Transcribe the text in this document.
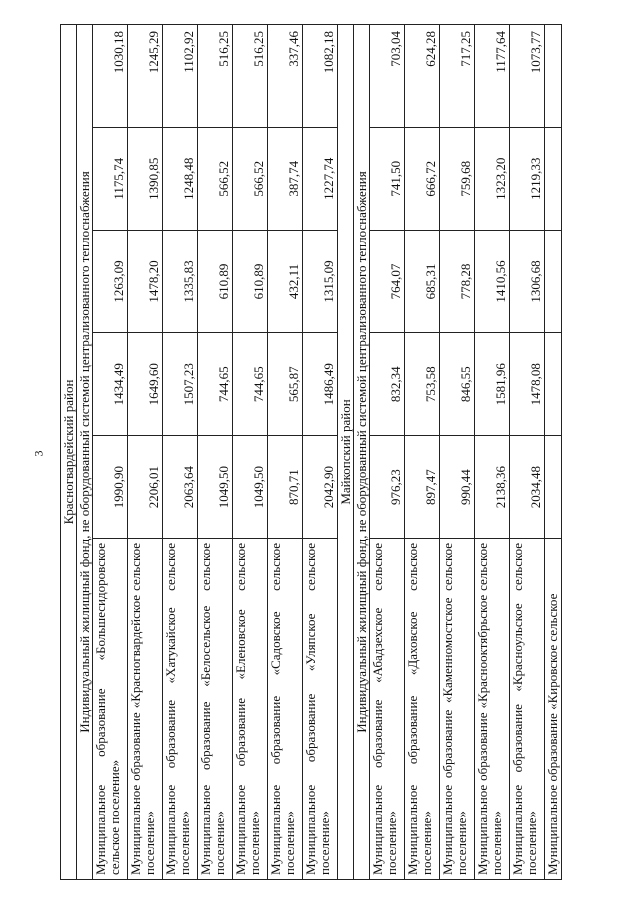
3 Красногвардейский район					
Индивидуальный жилищный фонд, не оборудованный системой централизованного теплоснабжения					
Муниципальное образование «Большесидоровское сельское поселение»	1990,90	1434,49	1263,09	1175,74	1030,18
Муниципальное образование «Красногвардейское сельское поселение»	2206,01	1649,60	1478,20	1390,85	1245,29
Муниципальное образование «Хатукайское сельское поселение»	2063,64	1507,23	1335,83	1248,48	1102,92
Муниципальное образование «Белосельское сельское поселение»	1049,50	744,65	610,89	566,52	516,25
Муниципальное образование «Еленовское сельское поселение»	1049,50	744,65	610,89	566,52	516,25
Муниципальное образование «Садовское сельское поселение»	870,71	565,87	432,11	387,74	337,46
Муниципальное образование «Уляпское сельское поселение»	2042,90	1486,49	1315,09	1227,74	1082,18
Майкопский район					
Индивидуальный жилищный фонд, не оборудованный системой централизованного теплоснабжения					
Муниципальное образование «Абадзехское сельское поселение»	976,23	832,34	764,07	741,50	703,04
Муниципальное образование «Даховское сельское поселение»	897,47	753,58	685,31	666,72	624,28
Муниципальное образование «Каменномостское сельское поселение»	990,44	846,55	778,28	759,68	717,25
Муниципальное образование «Краснооктябрьское сельское поселение»	2138,36	1581,96	1410,56	1323,20	1177,64
Муниципальное образование «Красноульское сельское поселение»	2034,48	1478,08	1306,68	1219,33	1073,77
Муниципальное образование «Кировское сельское					
